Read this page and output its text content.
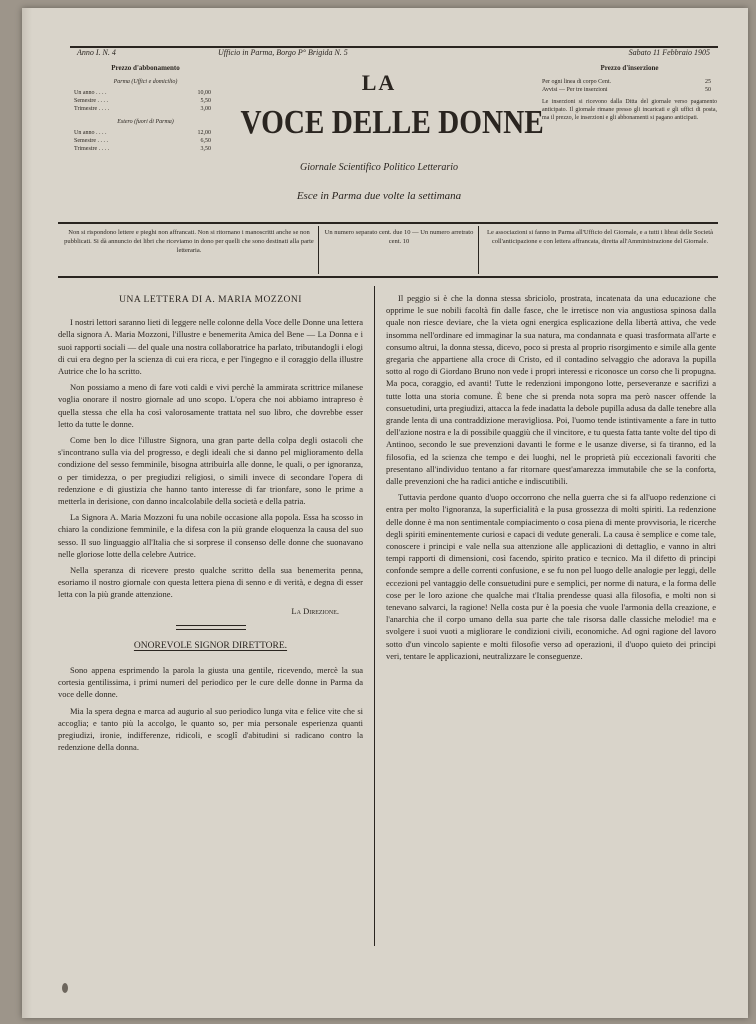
Anno I. N. 4	Ufficio in Parma, Borgo P° Brigida N. 5	Sabato 11 Febbraio 1905
Prezzo d'abbonamento
Parma (Uffici e domicilio)
Un anno . . . .	10,00
Semestre . . . .	5,50
Trimestre . . . .	3,00
Estero (fuori di Parma)
Un anno . . . .	12,00
Semestre . . . .	6,50
Trimestre . . . .	3,50
LA
VOCE DELLE DONNE
Giornale Scientifico Politico Letterario
Esce in Parma due volte la settimana
Prezzo d'inserzione
Per ogni linea di corpo Cent.	25
Avvisi — Per tre inserzioni	50
Le inserzioni si ricevono dalla Ditta del giornale verso pagamento anticipato. Il giornale rimane presso gli incaricati e gli uffici di posta, ma il prezzo, le inserzioni e gli abbonamenti si pagano anticipati.
Non si rispondono lettere e pieghi non affrancati. Non si ritornano i manoscritti anche se non pubblicati. Si dà annuncio dei libri che riceviamo in dono per quelli che sono destinati alla parte letteraria.
Un numero separato cent. due 10 — Un numero arretrato cent. 10
Le associazioni si fanno in Parma all'Ufficio del Giornale, e a tutti i librai delle Società coll'anticipazione e con lettera affrancata, diretta all'Amministrazione del Giornale.
UNA LETTERA DI A. MARIA MOZZONI

I nostri lettori saranno lieti di leggere nelle colonne della Voce delle Donne una lettera della signora A. Maria Mozzoni, l'illustre e benemerita Amica del Bene — La Donna e i suoi rapporti sociali — del quale una nostra collaboratrice ha parlato, tributandogli i elogi di cui era degno per la scienza di cui era ricca, e per l'ingegno e il coraggio della illustre Autrice che lo ha scritto.

Non possiamo a meno di fare voti caldi e vivi perchè la ammirata scrittrice milanese voglia onorare il nostro giornale ad uno scopo. L'opera che noi abbiamo intrapreso è quella stessa che ella ha così valorosamente trattata nel suo libro, che dovrebbe esser letto da tutte le donne.

Come ben lo dice l'illustre Signora, una gran parte della colpa degli ostacoli che s'incontrano sulla via del progresso, e degli ideali che si danno pel miglioramento della condizione del sesso femminile, bisogna attribuirla alle donne, le quali, o per ignoranza, o per timidezza, o per pregiudizi religiosi, o simili invece di secondare l'opera di redenzione e di giustizia che hanno tanto interesse di far trionfare, sono le prime a metterla in derisione, con danno incalcolabile della società e della patria.

La Signora A. Maria Mozzoni fu una nobile occasione alla popola. Essa ha scosso in chiaro la condizione femminile, e la difesa con la più grande eloquenza la causa del suo sesso. Il suo linguaggio all'Italia che si sorprese il consenso delle donne che suonavano nelle gloriose lotte della celebre Autrice.

Nella speranza di ricevere presto qualche scritto della sua benemerita penna, esoriamo il nostro giornale con questa lettera piena di senno e di verità, e degna di esser letta con la più grande attenzione.

La Direzione.
ONOREVOLE SIGNOR DIRETTORE.

Sono appena esprimendo la parola la giusta una gentile, ricevendo, mercè la sua cortesia gentilissima, i primi numeri del periodico per le cure delle donne in Parma da voce delle donne.

Mia la spera degna e marca ad augurio al suo periodico lunga vita e felice vite che si accoglia; e tanto più la accolgo, le quanto so, per mia personale esperienza quanti pregiudizi, ironie, indifferenze, ridicoli, e scoglî d'abitudini si radicano contro la redenzione della donna.

Il peggio si è che la donna stessa sbriciolo, prostrata, incatenata da una educazione che opprime le sue nobili facoltà fin dalle fasce, che le irretisce non via angustiosa spinosa dalla quale non riesce deviare, che la vieta ogni energica esplicazione della libertà attiva, che vede insomma nell'ordinare ed immaginar la sua natura, ma condannata e quasi trasformata all'arte e consumo altrui, la donna stessa, dicevo, poco si presta al proprio risorgimento e simile alla gente gregaria che appartiene alla croce di Cristo, ed il contadino selvaggio che adorava la pupilla sotto al rogo di Giordano Bruno non vede i propri interessi e riconosce un corso che li propugna. Ma poca, coraggio, ed avanti! Tutte le redenzioni impongono lotte, perseveranze e sacrifizi a tutte lotta una storia comune. È bene che si prenda nota sopra ma però nascer offende la consuetudini, urta pregiudizi, attacca la fede inadatta la debole pupilla adusa da dalle tenebre alla grande lenta di una contraddizione meravigliosa. Poi, l'uomo tende istintivamente a fare in tutto dell'azione nostra e la di possibile quaggiù che il vincitore, e tu questa fatta tante volte del tipo di Antinoo, secondo le sue prevenzioni davanti le forme e le usanze diverse, si fa tiranno, ed la filosofia, ed la scienza che tempo e dei luoghi, nel le proprietà più eccezionali favoriti che presentano all'individuo tentano a far ritornare quest'amarezza immutabile che se la conforta, dalle prevenzioni che ha radici antiche e indiscutibili.

Tuttavia perdone quanto d'uopo occorrono che nella guerra che si fa all'uopo redenzione ci entra per molto l'ignoranza, la superficialità e la pusa grossezza di molti spiriti. La redenzione delle donne è ma non sentimentale compiacimento o cosa piena di mente provvisoria, le ricerche degli spiriti eminentemente curiosi e capaci di vedute generali. La causa è semplice e come tale, conoscere i principi e vale nella sua attenzione alle applicazioni di dettaglio, e vanno in altri tempi rapporti di dimensioni, così facendo, spirito pratico e tecnico. Ma il difetto di principi confonde sempre a delle correnti confusione, e se fu non pel luogo delle analogie per leggi, delle eccezioni pel vantaggio delle consuetudini pure e semplici, per norme di natura, e la forma delle cose per le loro azione che qualche mai t'Italia prendesse quasi alla filosofia, e molti non si tenevano salvarci, la ragione! Nella costa pur è la poesia che vuole l'armonia della creazione, e l'anarchia che il corpo umano della sua parte che tale risorsa dalle classiche melodie! ma e svolgere i suoi vuoti a migliorare le condizioni civili, economiche. Ad ogni ragione del lavoro sotto d'un vincolo sapiente e molti filosofie verso ad operazioni, il d'uopo quieto dei principi veri, tentare le applicazioni, neutralizzare le conseguenze.
